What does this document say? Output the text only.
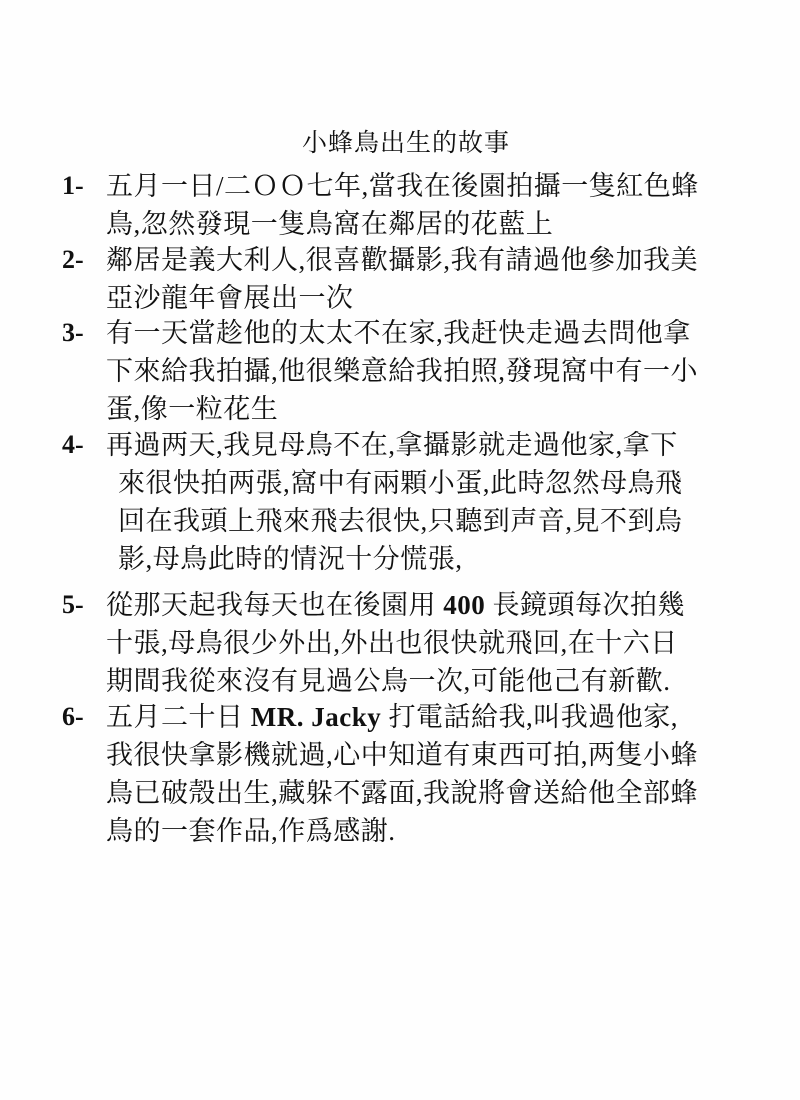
小蜂鳥出生的故事
1- 五月一日/二ＯＯ七年,當我在後園拍攝一隻紅色蜂
鳥,忽然發現一隻鳥窩在鄰居的花藍上
2- 鄰居是義大利人,很喜歡攝影,我有請過他參加我美
亞沙龍年會展出一次
3- 有一天當趁他的太太不在家,我赶快走過去問他拿
下來給我拍攝,他很樂意給我拍照,發現窩中有一小
蛋,像一粒花生
4- 再過两天,我見母鳥不在,拿攝影就走過他家,拿下
來很快拍两張,窩中有兩顆小蛋,此時忽然母鳥飛
回在我頭上飛來飛去很快,只聽到声音,見不到烏
影,母鳥此時的情況十分慌張,
5- 從那天起我每天也在後園用 400 長鏡頭每次拍幾
十張,母鳥很少外出,外出也很快就飛回,在十六日
期間我從來沒有見過公鳥一次,可能他己有新歡.
6- 五月二十日 MR. Jacky 打電話給我,叫我過他家,
我很快拿影機就過,心中知道有東西可拍,两隻小蜂
鳥已破殼出生,藏躲不露面,我說將會送給他全部蜂
鳥的一套作品,作爲感謝.
